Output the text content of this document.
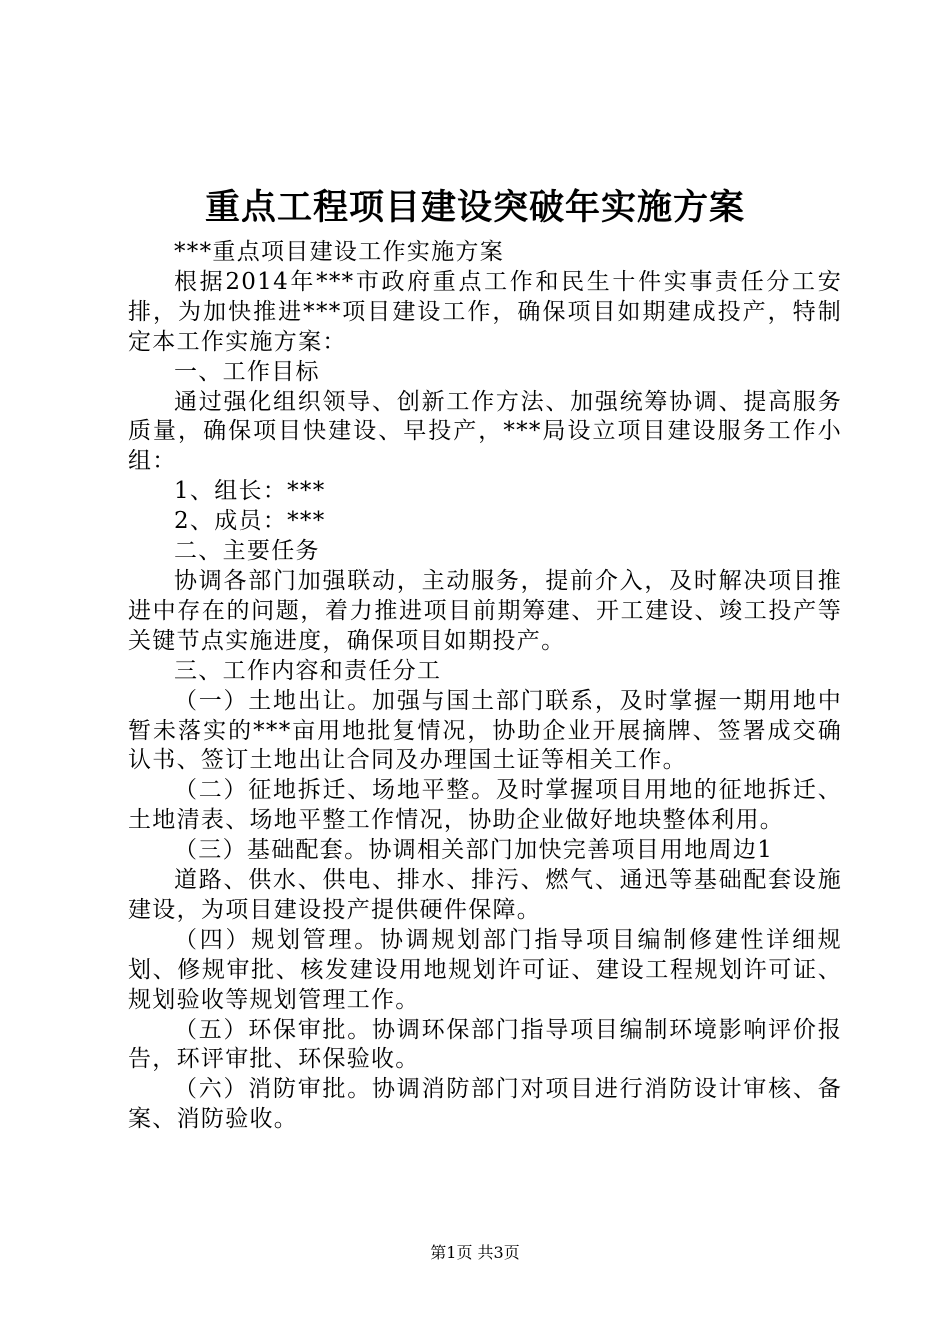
重点工程项目建设突破年实施方案

***重点项目建设工作实施方案

根据2014年***市政府重点工作和民生十件实事责任分工安排，为加快推进***项目建设工作，确保项目如期建成投产，特制定本工作实施方案：

一、工作目标

通过强化组织领导、创新工作方法、加强统筹协调、提高服务质量，确保项目快建设、早投产，***局设立项目建设服务工作小组：

1、组长：***

2、成员：***

二、主要任务

协调各部门加强联动，主动服务，提前介入，及时解决项目推进中存在的问题，着力推进项目前期筹建、开工建设、竣工投产等关键节点实施进度，确保项目如期投产。

三、工作内容和责任分工

（一）土地出让。加强与国土部门联系，及时掌握一期用地中暂未落实的***亩用地批复情况，协助企业开展摘牌、签署成交确认书、签订土地出让合同及办理国土证等相关工作。

（二）征地拆迁、场地平整。及时掌握项目用地的征地拆迁、土地清表、场地平整工作情况，协助企业做好地块整体利用。

（三）基础配套。协调相关部门加快完善项目用地周边1

道路、供水、供电、排水、排污、燃气、通迅等基础配套设施建设，为项目建设投产提供硬件保障。

（四）规划管理。协调规划部门指导项目编制修建性详细规划、修规审批、核发建设用地规划许可证、建设工程规划许可证、规划验收等规划管理工作。

（五）环保审批。协调环保部门指导项目编制环境影响评价报告，环评审批、环保验收。

（六）消防审批。协调消防部门对项目进行消防设计审核、备案、消防验收。

第1页 共3页
